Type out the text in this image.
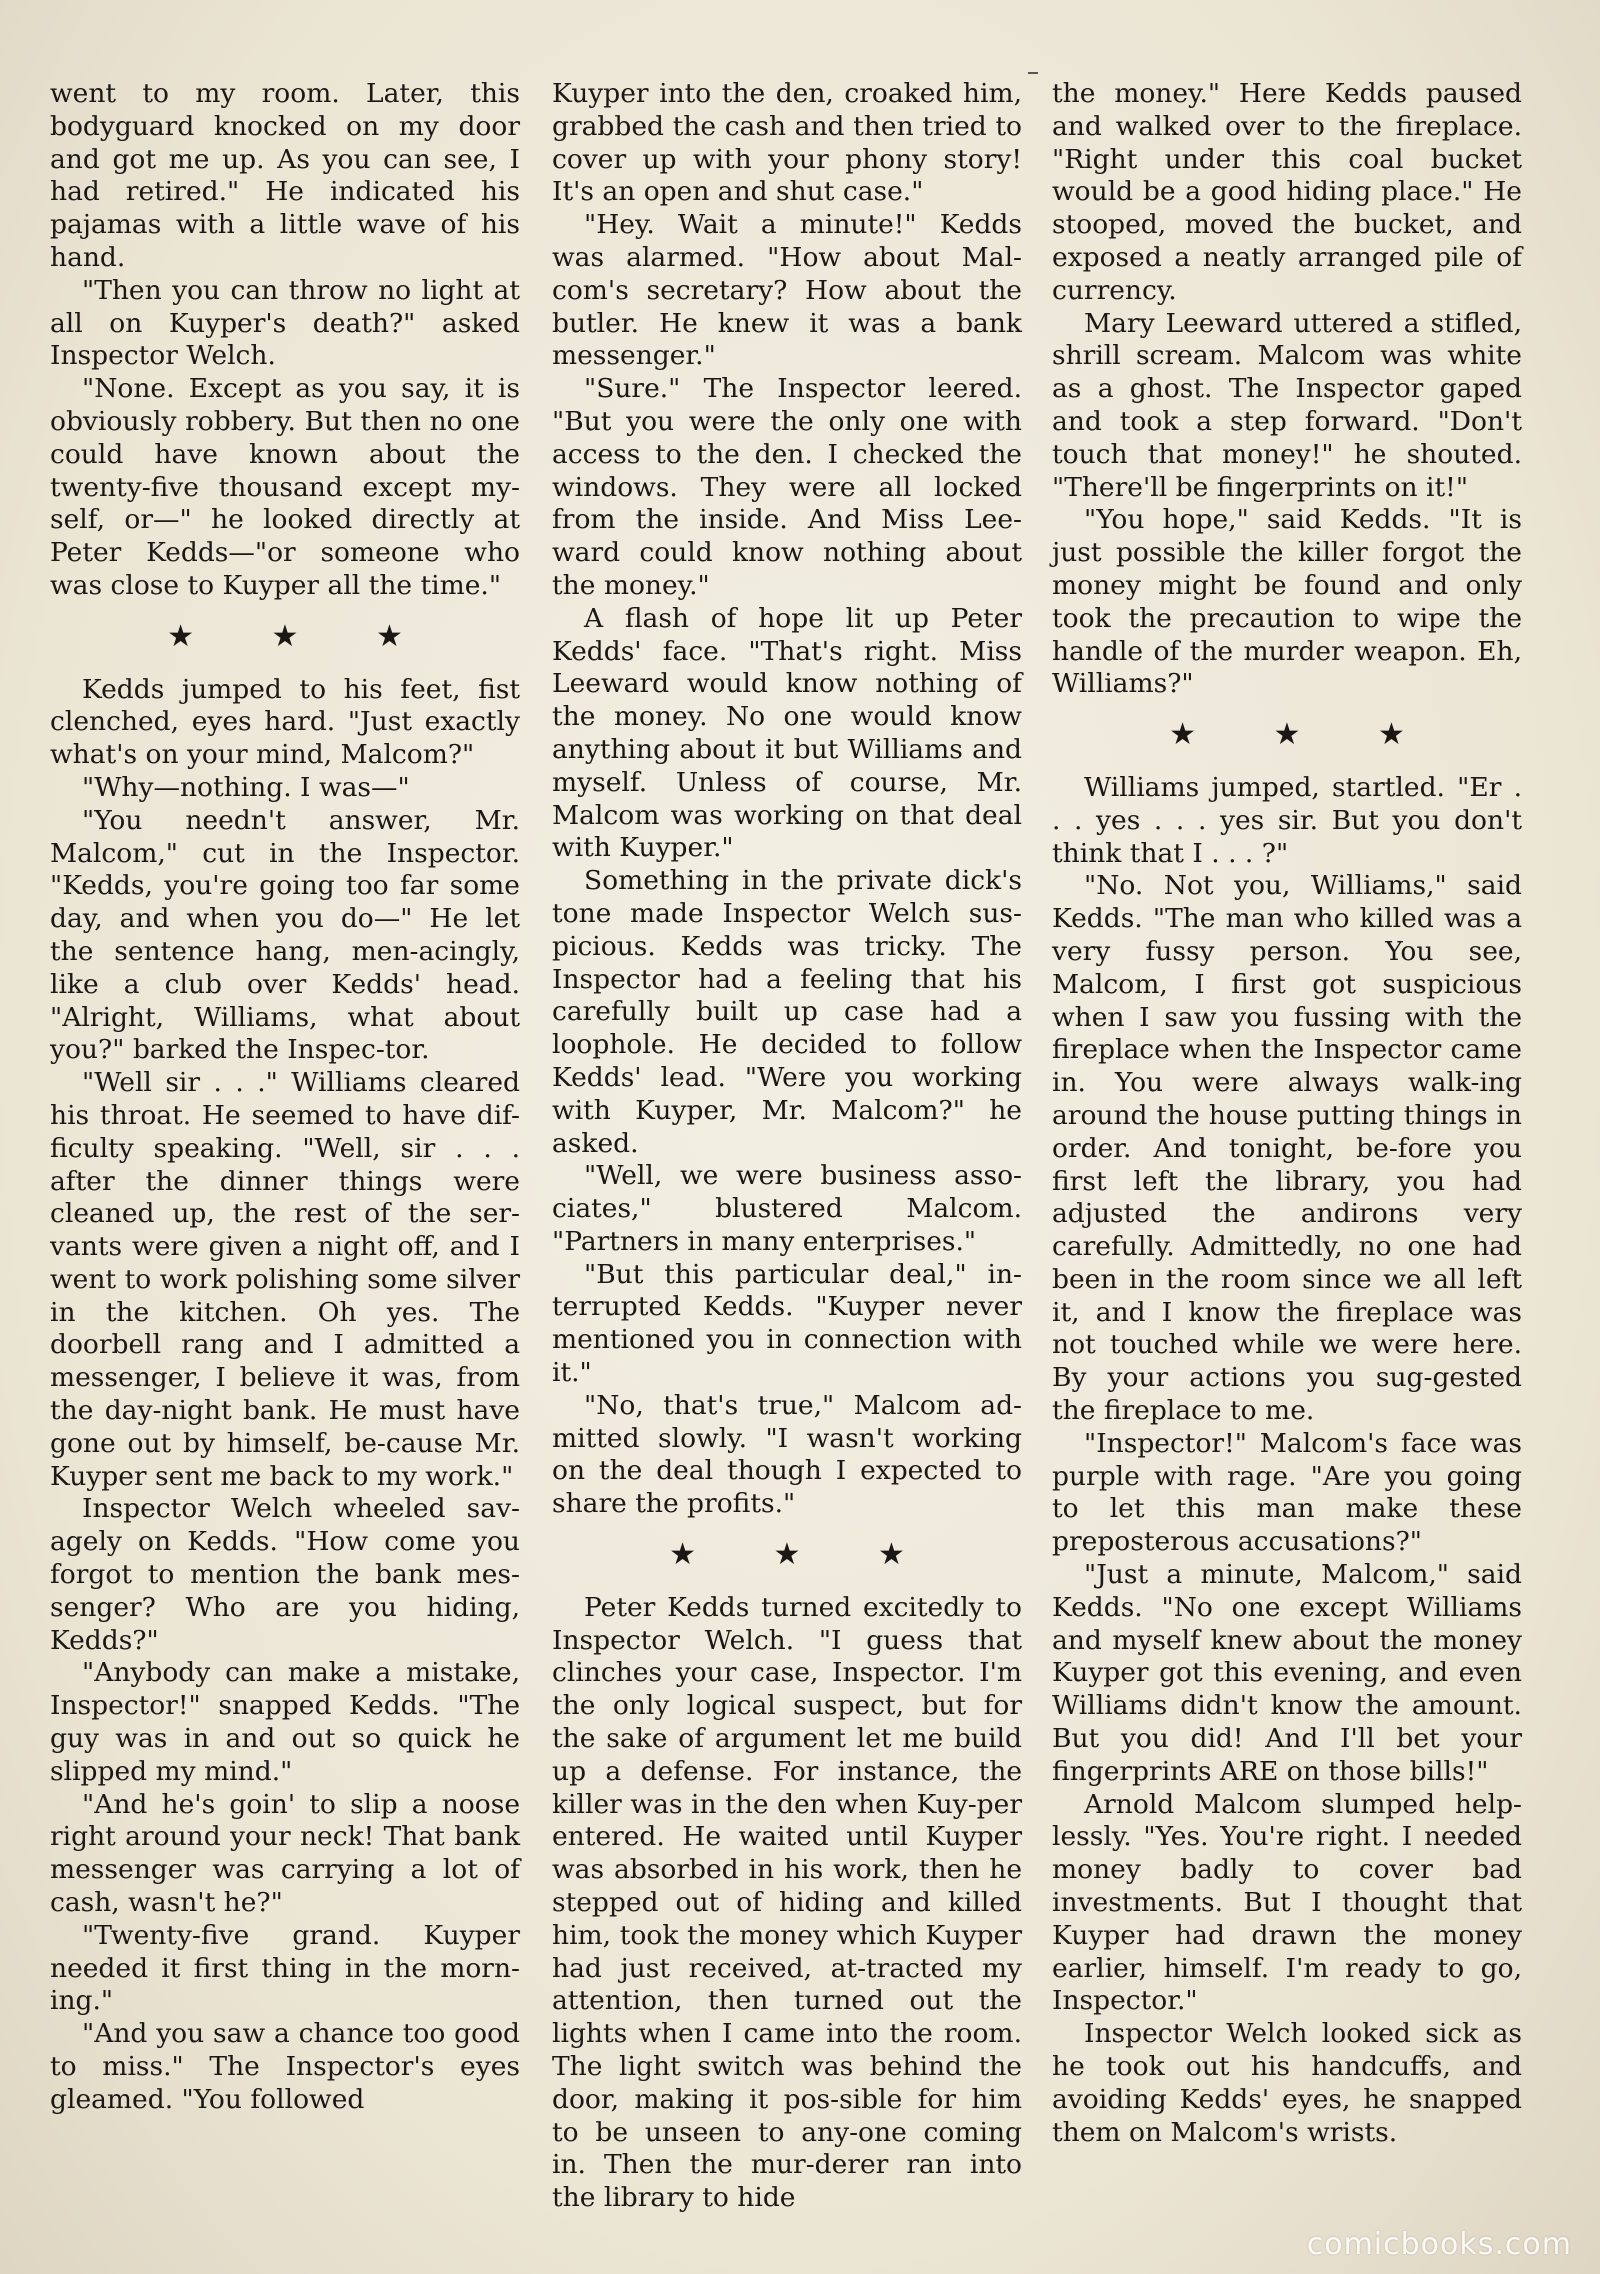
went to my room. Later, this bodyguard knocked on my door and got me up. As you can see, I had retired." He indicated his pajamas with a little wave of his hand.

"Then you can throw no light at all on Kuyper's death?" asked Inspector Welch.

"None. Except as you say, it is obviously robbery. But then no one could have known about the twenty-five thousand except my-self, or—" he looked directly at Peter Kedds—"or someone who was close to Kuyper all the time."

★ ★ ★

Kedds jumped to his feet, fist clenched, eyes hard. "Just exactly what's on your mind, Malcom?"

"Why—nothing. I was—"

"You needn't answer, Mr. Malcom," cut in the Inspector. "Kedds, you're going too far some day, and when you do—" He let the sentence hang, men-acingly, like a club over Kedds' head. "Alright, Williams, what about you?" barked the Inspec-tor.

"Well sir . . ." Williams cleared his throat. He seemed to have dif-ficulty speaking. "Well, sir . . . after the dinner things were cleaned up, the rest of the ser-vants were given a night off, and I went to work polishing some silver in the kitchen. Oh yes. The doorbell rang and I admitted a messenger, I believe it was, from the day-night bank. He must have gone out by himself, be-cause Mr. Kuyper sent me back to my work."

Inspector Welch wheeled sav-agely on Kedds. "How come you forgot to mention the bank mes-senger? Who are you hiding, Kedds?"

"Anybody can make a mistake, Inspector!" snapped Kedds. "The guy was in and out so quick he slipped my mind."

"And he's goin' to slip a noose right around your neck! That bank messenger was carrying a lot of cash, wasn't he?"

"Twenty-five grand. Kuyper needed it first thing in the morn-ing."

"And you saw a chance too good to miss." The Inspector's eyes gleamed. "You followed

Kuyper into the den, croaked him, grabbed the cash and then tried to cover up with your phony story! It's an open and shut case."

"Hey. Wait a minute!" Kedds was alarmed. "How about Mal-com's secretary? How about the butler. He knew it was a bank messenger."

"Sure." The Inspector leered. "But you were the only one with access to the den. I checked the windows. They were all locked from the inside. And Miss Lee-ward could know nothing about the money."

A flash of hope lit up Peter Kedds' face. "That's right. Miss Leeward would know nothing of the money. No one would know anything about it but Williams and myself. Unless of course, Mr. Malcom was working on that deal with Kuyper."

Something in the private dick's tone made Inspector Welch sus-picious. Kedds was tricky. The Inspector had a feeling that his carefully built up case had a loophole. He decided to follow Kedds' lead. "Were you working with Kuyper, Mr. Malcom?" he asked.

"Well, we were business asso-ciates," blustered Malcom. "Partners in many enterprises."

"But this particular deal," in-terrupted Kedds. "Kuyper never mentioned you in connection with it."

"No, that's true," Malcom ad-mitted slowly. "I wasn't working on the deal though I expected to share the profits."

★ ★ ★

Peter Kedds turned excitedly to Inspector Welch. "I guess that clinches your case, Inspector. I'm the only logical suspect, but for the sake of argument let me build up a defense. For instance, the killer was in the den when Kuy-per entered. He waited until Kuyper was absorbed in his work, then he stepped out of hiding and killed him, took the money which Kuyper had just received, at-tracted my attention, then turned out the lights when I came into the room. The light switch was behind the door, making it pos-sible for him to be unseen to any-one coming in. Then the mur-derer ran into the library to hide

the money." Here Kedds paused and walked over to the fireplace. "Right under this coal bucket would be a good hiding place." He stooped, moved the bucket, and exposed a neatly arranged pile of currency.

Mary Leeward uttered a stifled, shrill scream. Malcom was white as a ghost. The Inspector gaped and took a step forward. "Don't touch that money!" he shouted. "There'll be fingerprints on it!"

"You hope," said Kedds. "It is just possible the killer forgot the money might be found and only took the precaution to wipe the handle of the murder weapon. Eh, Williams?"

★ ★ ★

Williams jumped, startled. "Er . . . yes . . . yes sir. But you don't think that I . . . ?"

"No. Not you, Williams," said Kedds. "The man who killed was a very fussy person. You see, Malcom, I first got suspicious when I saw you fussing with the fireplace when the Inspector came in. You were always walk-ing around the house putting things in order. And tonight, be-fore you first left the library, you had adjusted the andirons very carefully. Admittedly, no one had been in the room since we all left it, and I know the fireplace was not touched while we were here. By your actions you sug-gested the fireplace to me.

"Inspector!" Malcom's face was purple with rage. "Are you going to let this man make these preposterous accusations?"

"Just a minute, Malcom," said Kedds. "No one except Williams and myself knew about the money Kuyper got this evening, and even Williams didn't know the amount. But you did! And I'll bet your fingerprints ARE on those bills!"

Arnold Malcom slumped help-lessly. "Yes. You're right. I needed money badly to cover bad investments. But I thought that Kuyper had drawn the money earlier, himself. I'm ready to go, Inspector."

Inspector Welch looked sick as he took out his handcuffs, and avoiding Kedds' eyes, he snapped them on Malcom's wrists.

comicbooks.com
